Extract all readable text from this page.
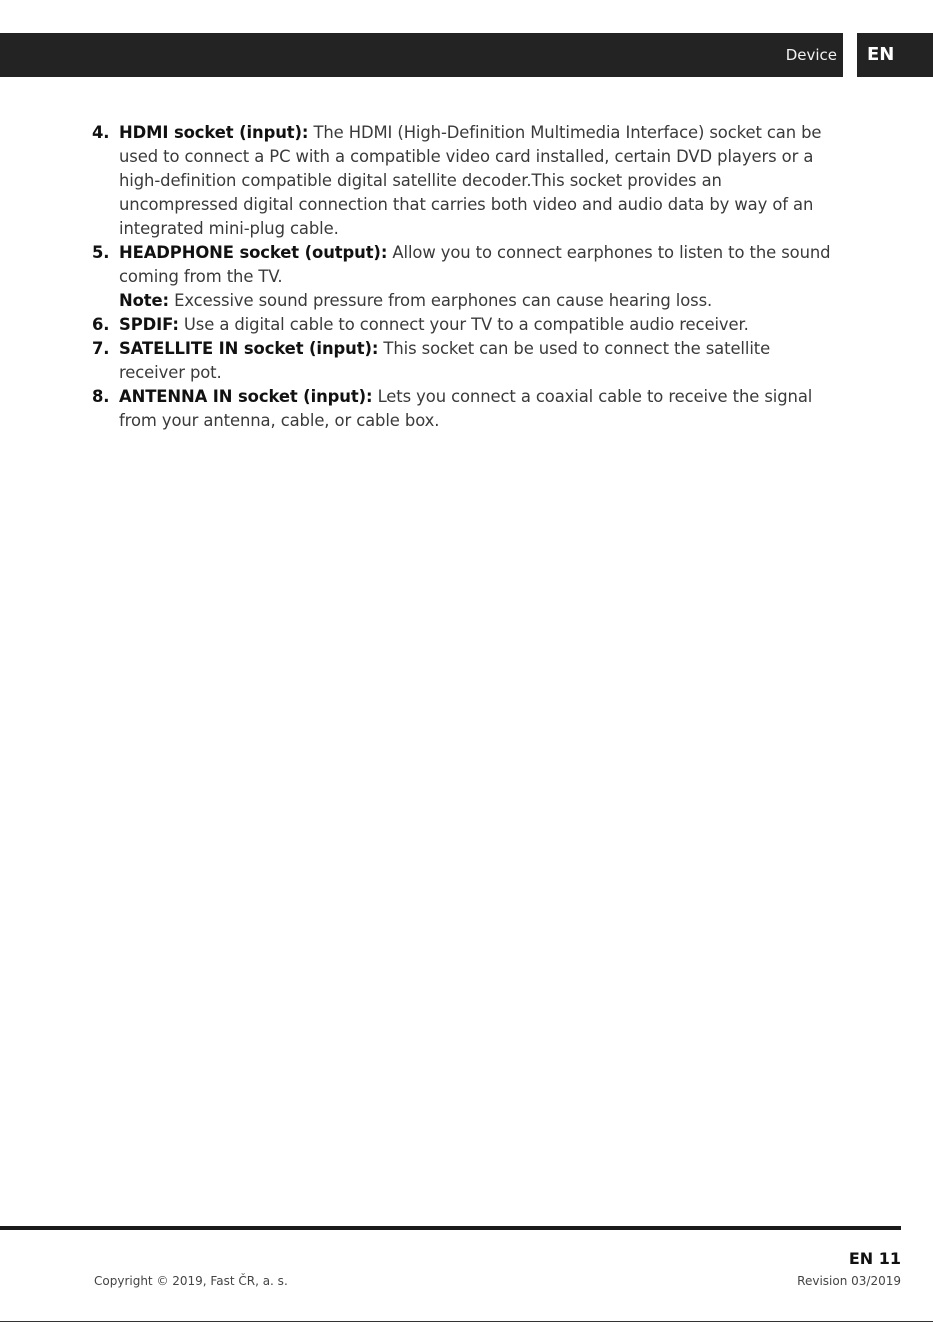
Device	EN
4. HDMI socket (input): The HDMI (High-Definition Multimedia Interface) socket can be used to connect a PC with a compatible video card installed, certain DVD players or a high-definition compatible digital satellite decoder.This socket provides an uncompressed digital connection that carries both video and audio data by way of an integrated mini-plug cable.
5. HEADPHONE socket (output): Allow you to connect earphones to listen to the sound coming from the TV.
Note: Excessive sound pressure from earphones can cause hearing loss.
6. SPDIF: Use a digital cable to connect your TV to a compatible audio receiver.
7. SATELLITE IN socket (input): This socket can be used to connect the satellite receiver pot.
8. ANTENNA IN socket (input): Lets you connect a coaxial cable to receive the signal from your antenna, cable, or cable box.
EN 11
Copyright © 2019, Fast ČR, a. s.	Revision 03/2019
